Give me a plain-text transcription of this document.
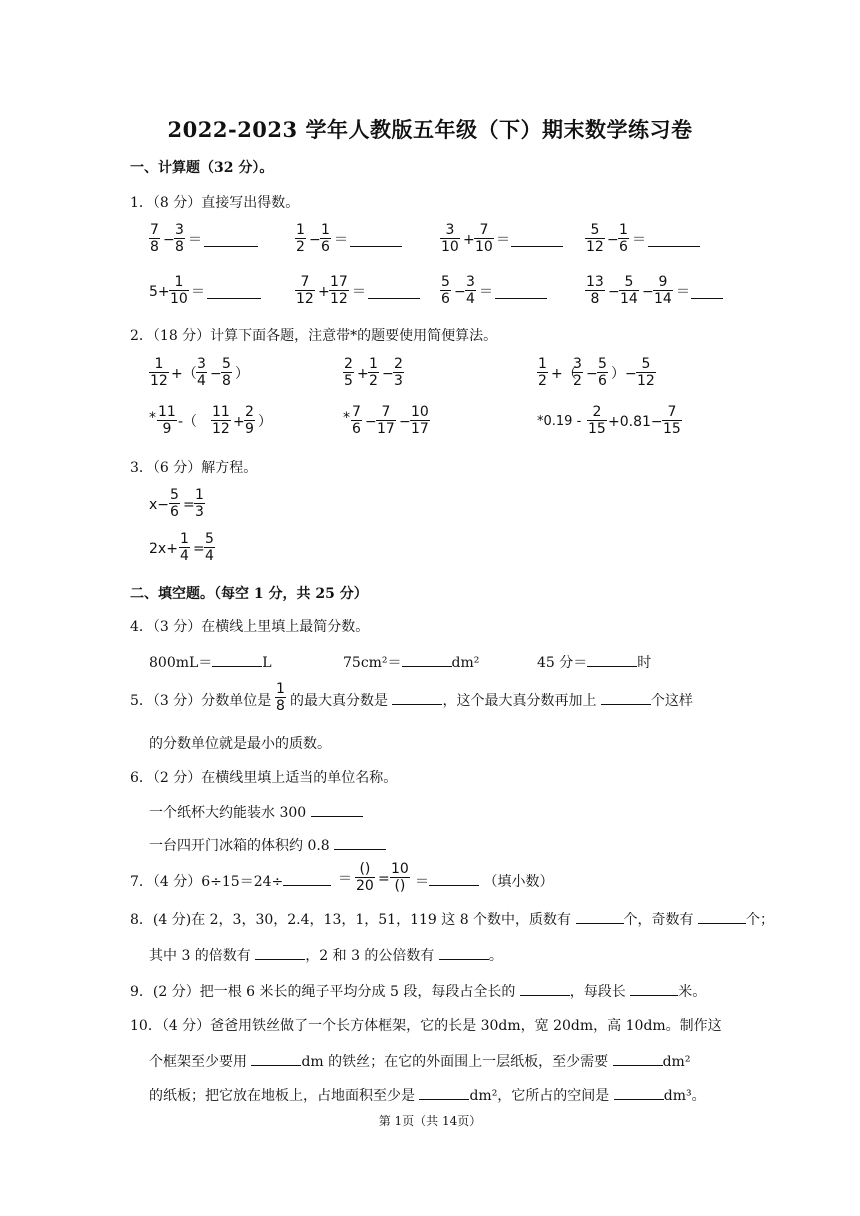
2022-2023 学年人教版五年级（下）期末数学练习卷
一、计算题（32 分）。
1．（8 分）直接写出得数。
7
8 −
3
8 ＝
1
2 −
1
6 ＝
3
10 +
7
10 ＝
5
12 −
1
6 ＝
5+
1
10 ＝
7
12 +
17
12 ＝
5
6 −
3
4 ＝
13
8 −
5
14 −
9
14 ＝
2．（18 分）计算下面各题，注意带*的题要使用简便算法。
1
12 +（
3
4 −
5
8 ）
2
5 +
1
2 −
2
3
1
2 +（
3
2 −
5
6 ） −
5
12
* 11
9 -（
11
12 +
2
9 ）	* 7
6 −
7
17 −
10
17	*0.19 -
2
15 +0.81−
7
15
3．（6 分）解方程。
x−
5
6 =
1
3
2x+
1
4 =
5
4
二、填空题。（每空 1 分，共 25 分）
4．（3 分）在横线上里填上最简分数。
800mL＝	L	75cm²＝	dm²	45 分＝	时
5．（3 分）分数单位是
1
8 的最大真分数是	，这个最大真分数再加上	个这样
的分数单位就是最小的质数。
6．（2 分）在横线里填上适当的单位名称。
一个纸杯大约能装水 300
一台四开门冰箱的体积约 0.8
7．（4 分）6÷15＝24÷	＝
()
20 =
10
() ＝	（填小数）
8．(4 分)在 2，3，30，2.4，13，1，51，119 这 8 个数中，质数有	个，奇数有	个；
其中 3 的倍数有	，2 和 3 的公倍数有	。
9．(2 分）把一根 6 米长的绳子平均分成 5 段，每段占全长的	，每段长	米。
10．（4 分）爸爸用铁丝做了一个长方体框架，它的长是 30dm，宽 20dm，高 10dm。制作这
个框架至少要用	dm 的铁丝；在它的外面围上一层纸板，至少需要	dm²
的纸板；把它放在地板上，占地面积至少是	dm²，它所占的空间是	dm³。
第 1页（共 14页）
